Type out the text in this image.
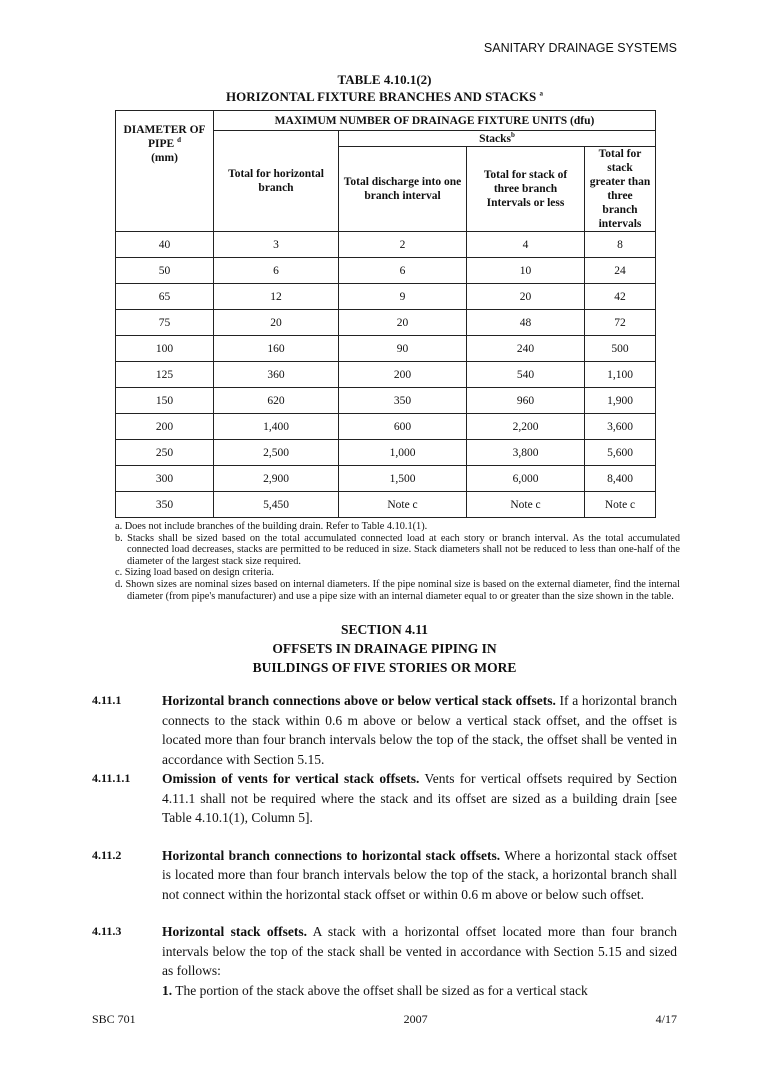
SANITARY DRAINAGE SYSTEMS
TABLE 4.10.1(2)
HORIZONTAL FIXTURE BRANCHES AND STACKS $^a$
DIAMETER OF PIPE $^d$
(mm)	MAXIMUM NUMBER OF DRAINAGE FIXTURE UNITS (dfu)			
	Total for horizontal branch	Stacks$^b$
		Total discharge into one branch interval	Total for stack of three branch Intervals or less	Total for stack greater than three branch intervals
40	3	2	4	8
50	6	6	10	24
65	12	9	20	42
75	20	20	48	72
100	160	90	240	500
125	360	200	540	1,100
150	620	350	960	1,900
200	1,400	600	2,200	3,600
250	2,500	1,000	3,800	5,600
300	2,900	1,500	6,000	8,400
350	5,450	Note c	Note c	Note c
a. Does not include branches of the building drain. Refer to Table 4.10.1(1).
b. Stacks shall be sized based on the total accumulated connected load at each story or branch interval. As the total accumulated connected load decreases, stacks are permitted to be reduced in size. Stack diameters shall not be reduced to less than one-half of the diameter of the largest stack size required.
c. Sizing load based on design criteria.
d. Shown sizes are nominal sizes based on internal diameters. If the pipe nominal size is based on the external diameter, find the internal diameter (from pipe's manufacturer) and use a pipe size with an internal diameter equal to or greater than the size shown in the table.
SECTION 4.11
OFFSETS IN DRAINAGE PIPING IN
BUILDINGS OF FIVE STORIES OR MORE
4.11.1	Horizontal branch connections above or below vertical stack offsets. If a horizontal branch connects to the stack within 0.6 m above or below a vertical stack offset, and the offset is located more than four branch intervals below the top of the stack, the offset shall be vented in accordance with Section 5.15.
4.11.1.1 Omission of vents for vertical stack offsets. Vents for vertical offsets required by Section 4.11.1 shall not be required where the stack and its offset are sized as a building drain [see Table 4.10.1(1), Column 5].
4.11.2	Horizontal branch connections to horizontal stack offsets. Where a horizontal stack offset is located more than four branch intervals below the top of the stack, a horizontal branch shall not connect within the horizontal stack offset or within 0.6 m above or below such offset.
4.11.3	Horizontal stack offsets. A stack with a horizontal offset located more than four branch intervals below the top of the stack shall be vented in accordance with Section 5.15 and sized as follows:
1. The portion of the stack above the offset shall be sized as for a vertical stack
SBC 701	2007	4/17
